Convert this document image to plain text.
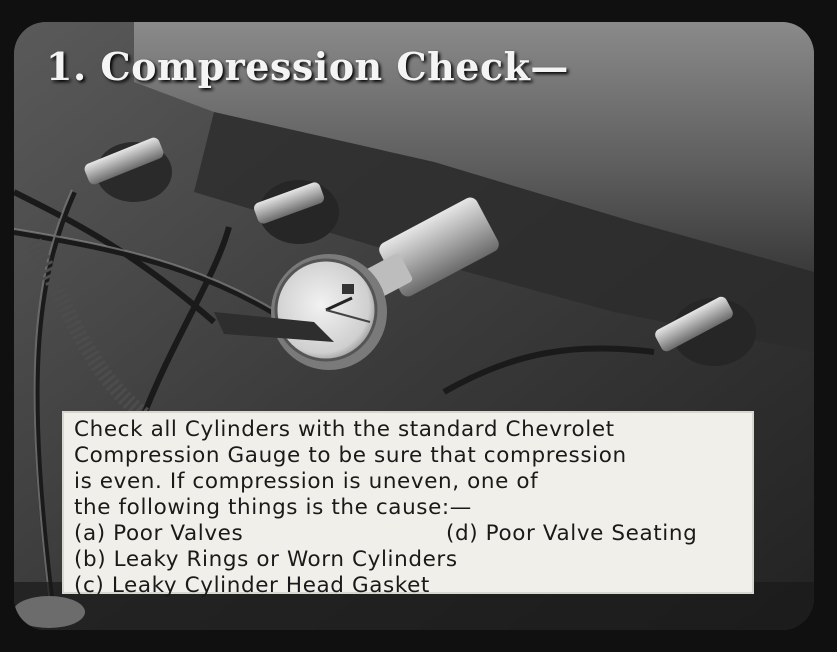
1. Compression Check—
Check all Cylinders with the standard Chevrolet
Compression Gauge to be sure that compression
is even. If compression is uneven, one of
the following things is the cause:—
(a) Poor Valves	(d) Poor Valve Seating
(b) Leaky Rings or Worn Cylinders
(c) Leaky Cylinder Head Gasket
